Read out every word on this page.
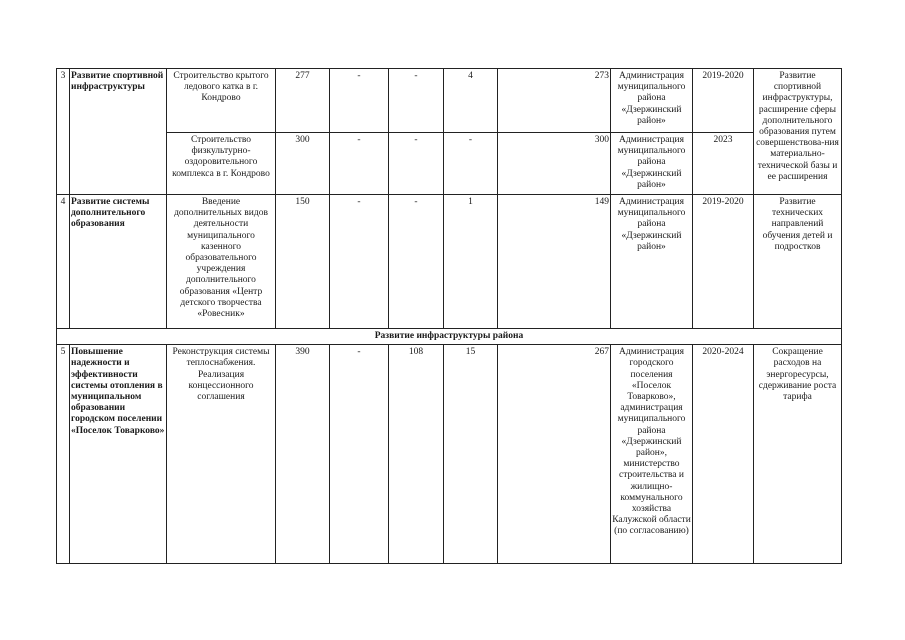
3	Развитие спортивной инфраструктуры	Строительство крытого ледового катка в г. Кондрово	277	-	-	4	273	Администрация муниципального района «Дзержинский район»	2019-2020	Развитие спортивной инфраструктуры, расширение сферы дополнительного образования путем совершенствова-ния материально-технической базы и ее расширения
		Строительство физкультурно-оздоровительного комплекса в г. Кондрово	300	-	-	-	300	Администрация муниципального района «Дзержинский район»	2023	
4	Развитие системы дополнительного образования	Введение дополнительных видов деятельности муниципального казенного образовательного учреждения дополнительного образования «Центр детского творчества «Ровесник»	150	-	-	1	149	Администрация муниципального района «Дзержинский район»	2019-2020	Развитие технических направлений обучения детей и подростков
Развитие инфраструктуры района										
5	Повышение надежности и эффективности системы отопления в муниципальном образовании городском поселении «Поселок Товарково»	Реконструкция системы теплоснабжения. Реализация концессионного соглашения	390	-	108	15	267	Администрация городского поселения «Поселок Товарково», администрация муниципального района «Дзержинский район», министерство строительства и жилищно-коммунального хозяйства Калужской области (по согласованию)	2020-2024	Сокращение расходов на энергоресурсы, сдерживание роста тарифа
